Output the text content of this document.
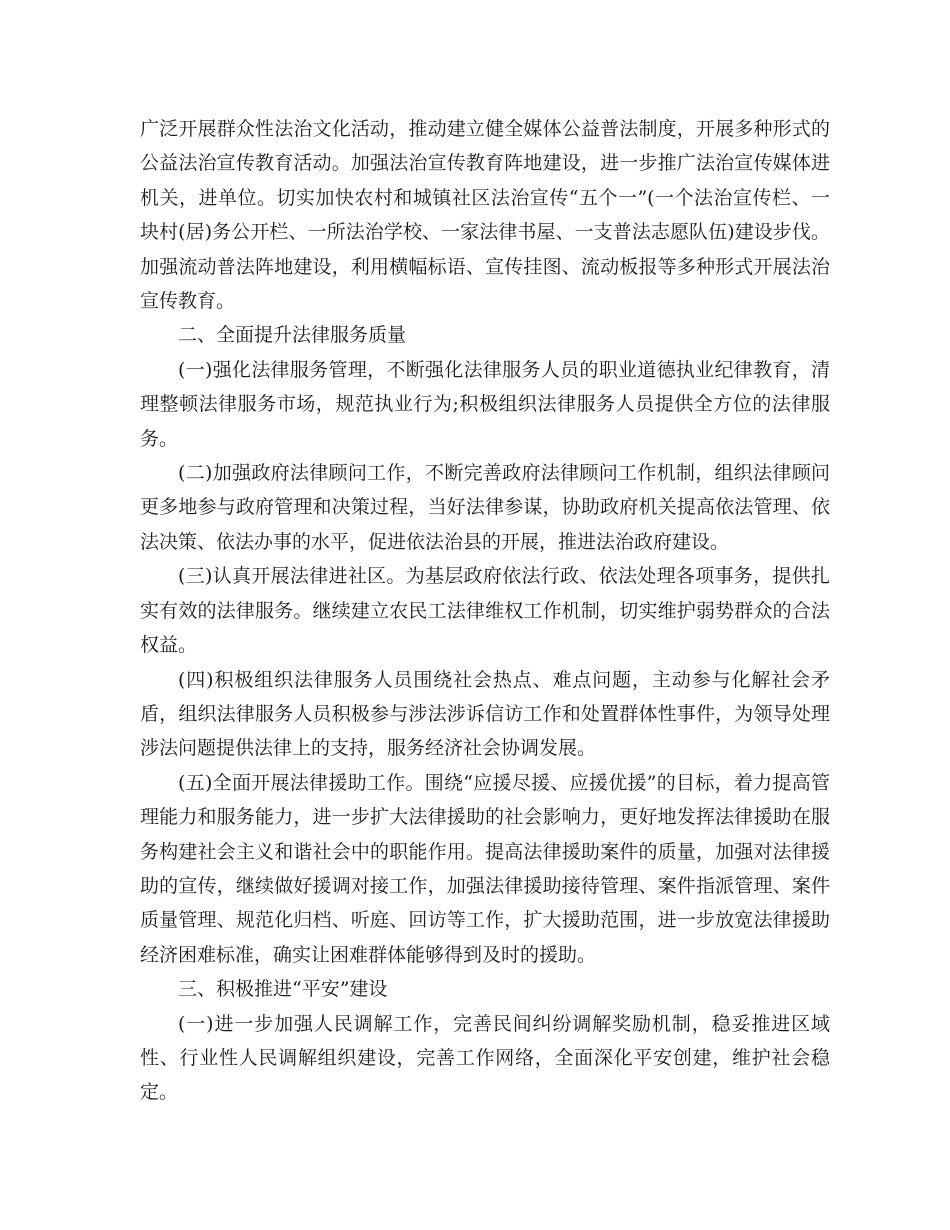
广泛开展群众性法治文化活动，推动建立健全媒体公益普法制度，开展多种形式的公益法治宣传教育活动。加强法治宣传教育阵地建设，进一步推广法治宣传媒体进机关，进单位。切实加快农村和城镇社区法治宣传“五个一”(一个法治宣传栏、一块村(居)务公开栏、一所法治学校、一家法律书屋、一支普法志愿队伍)建设步伐。加强流动普法阵地建设，利用横幅标语、宣传挂图、流动板报等多种形式开展法治宣传教育。

二、全面提升法律服务质量

(一)强化法律服务管理，不断强化法律服务人员的职业道德执业纪律教育，清理整顿法律服务市场，规范执业行为;积极组织法律服务人员提供全方位的法律服务。

(二)加强政府法律顾问工作，不断完善政府法律顾问工作机制，组织法律顾问更多地参与政府管理和决策过程，当好法律参谋，协助政府机关提高依法管理、依法决策、依法办事的水平，促进依法治县的开展，推进法治政府建设。

(三)认真开展法律进社区。为基层政府依法行政、依法处理各项事务，提供扎实有效的法律服务。继续建立农民工法律维权工作机制，切实维护弱势群众的合法权益。

(四)积极组织法律服务人员围绕社会热点、难点问题，主动参与化解社会矛盾，组织法律服务人员积极参与涉法涉诉信访工作和处置群体性事件，为领导处理涉法问题提供法律上的支持，服务经济社会协调发展。

(五)全面开展法律援助工作。围绕“应援尽援、应援优援”的目标，着力提高管理能力和服务能力，进一步扩大法律援助的社会影响力，更好地发挥法律援助在服务构建社会主义和谐社会中的职能作用。提高法律援助案件的质量，加强对法律援助的宣传，继续做好援调对接工作，加强法律援助接待管理、案件指派管理、案件质量管理、规范化归档、听庭、回访等工作，扩大援助范围，进一步放宽法律援助经济困难标准，确实让困难群体能够得到及时的援助。

三、积极推进“平安”建设

(一)进一步加强人民调解工作，完善民间纠纷调解奖励机制，稳妥推进区域性、行业性人民调解组织建设，完善工作网络，全面深化平安创建，维护社会稳定。
